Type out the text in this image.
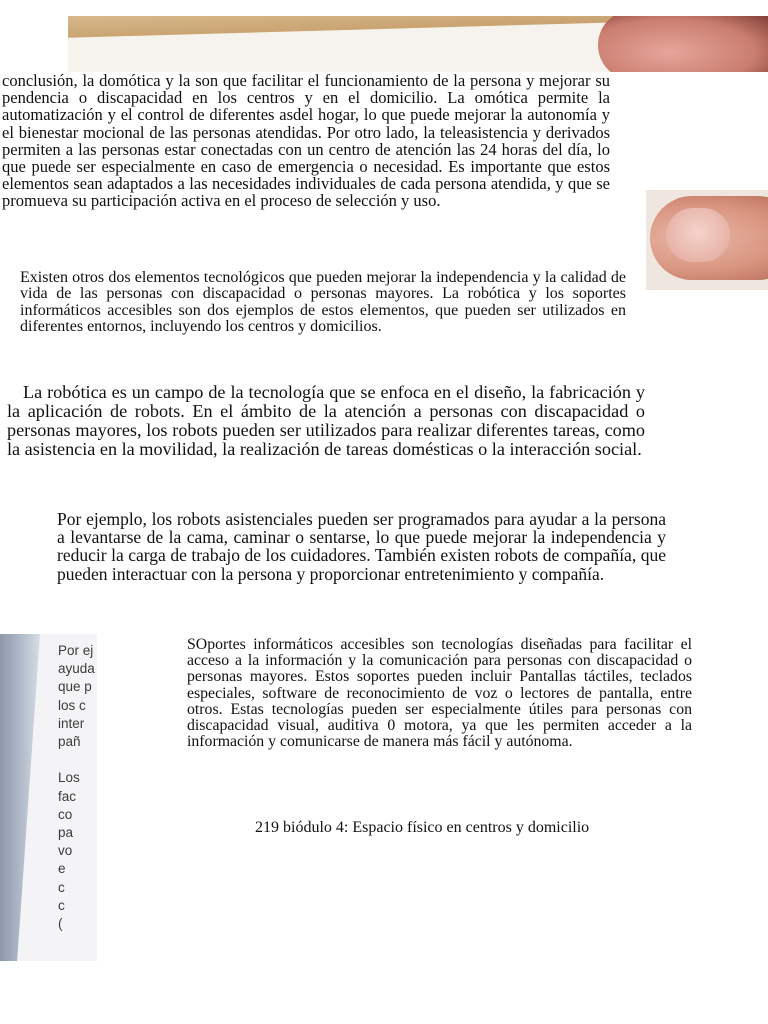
Por ej
ayuda
que p
los c
inter
pañ

Los
fac
co
pa
vo
e
c
c
(

conclusión, la domótica y la son que facilitar el funcionamiento de la persona y mejorar su pendencia o discapacidad en los centros y en el domicilio. La omótica permite la automatización y el control de diferentes asdel hogar, lo que puede mejorar la autonomía y el bienestar mocional de las personas atendidas. Por otro lado, la teleasistencia y derivados permiten a las personas estar conectadas con un centro de atención las 24 horas del día, lo que puede ser especialmente en caso de emergencia o necesidad. Es importante que estos elementos sean adaptados a las necesidades individuales de cada persona atendida, y que se promueva su participación activa en el proceso de selección y uso.

Existen otros dos elementos tecnológicos que pueden mejorar la independencia y la calidad de vida de las personas con discapacidad o personas mayores. La robótica y los soportes informáticos accesibles son dos ejemplos de estos elementos, que pueden ser utilizados en diferentes entornos, incluyendo los centros y domicilios.

La robótica es un campo de la tecnología que se enfoca en el diseño, la fabricación y la aplicación de robots. En el ámbito de la atención a personas con discapacidad o personas mayores, los robots pueden ser utilizados para realizar diferentes tareas, como la asistencia en la movilidad, la realización de tareas domésticas o la interacción social.

Por ejemplo, los robots asistenciales pueden ser programados para ayudar a la persona a levantarse de la cama, caminar o sentarse, lo que puede mejorar la independencia y reducir la carga de trabajo de los cuidadores. También existen robots de compañía, que pueden interactuar con la persona y proporcionar entretenimiento y compañía.

SOportes informáticos accesibles son tecnologías diseñadas para facilitar el acceso a la información y la comunicación para personas con discapacidad o personas mayores. Estos soportes pueden incluir Pantallas táctiles, teclados especiales, software de reconocimiento de voz o lectores de pantalla, entre otros. Estas tecnologías pueden ser especialmente útiles para personas con discapacidad visual, auditiva 0 motora, ya que les permiten acceder a la información y comunicarse de manera más fácil y autónoma.

219 biódulo 4: Espacio físico en centros y domicilio
